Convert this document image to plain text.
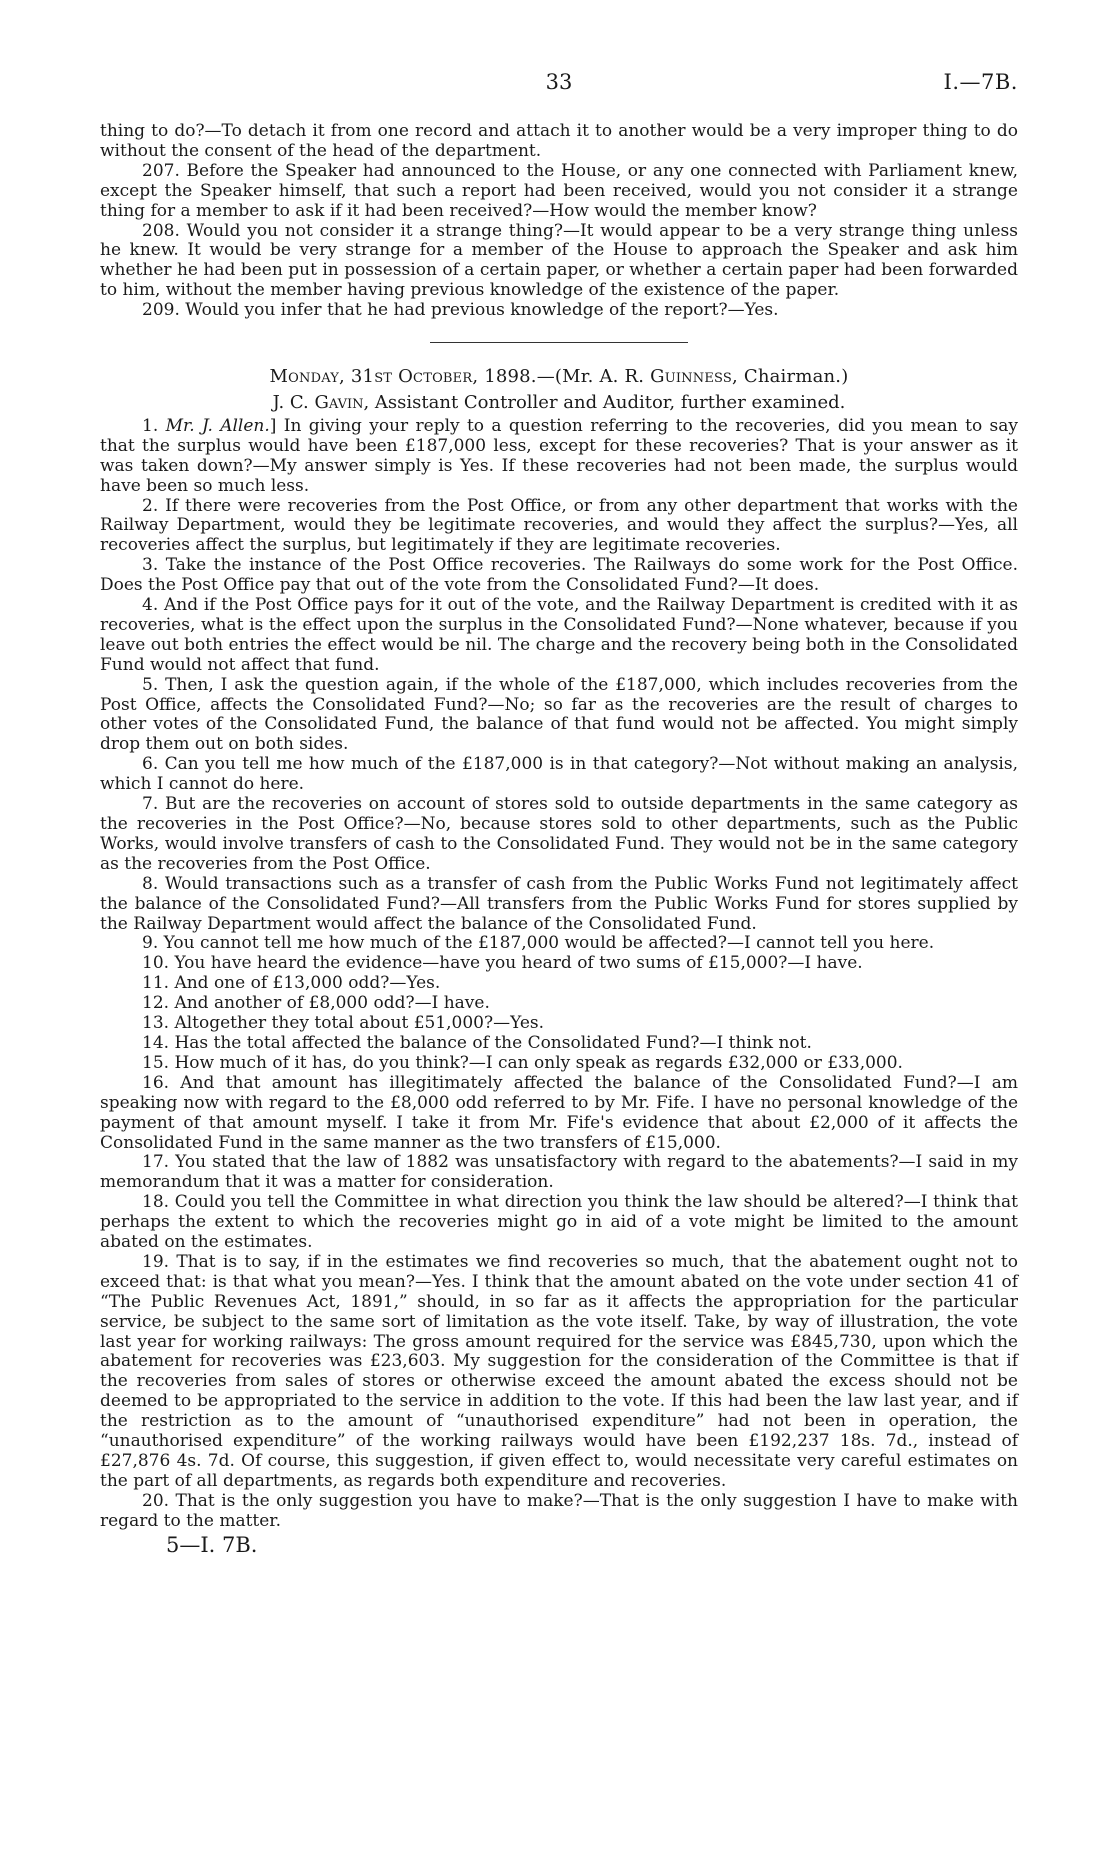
33	I.—7B.

thing to do?—To detach it from one record and attach it to another would be a very improper thing to do without the consent of the head of the department.

207. Before the Speaker had announced to the House, or any one connected with Parliament knew, except the Speaker himself, that such a report had been received, would you not consider it a strange thing for a member to ask if it had been received?—How would the member know?

208. Would you not consider it a strange thing?—It would appear to be a very strange thing unless he knew. It would be very strange for a member of the House to approach the Speaker and ask him whether he had been put in possession of a certain paper, or whether a certain paper had been forwarded to him, without the member having previous knowledge of the existence of the paper.

209. Would you infer that he had previous knowledge of the report?—Yes.

Monday, 31st October, 1898.—(Mr. A. R. Guinness, Chairman.)

J. C. Gavin, Assistant Controller and Auditor, further examined.

1. Mr. J. Allen.] In giving your reply to a question referring to the recoveries, did you mean to say that the surplus would have been £187,000 less, except for these recoveries? That is your answer as it was taken down?—My answer simply is Yes. If these recoveries had not been made, the surplus would have been so much less.

2. If there were recoveries from the Post Office, or from any other department that works with the Railway Department, would they be legitimate recoveries, and would they affect the surplus?—Yes, all recoveries affect the surplus, but legitimately if they are legitimate recoveries.

3. Take the instance of the Post Office recoveries. The Railways do some work for the Post Office. Does the Post Office pay that out of the vote from the Consolidated Fund?—It does.

4. And if the Post Office pays for it out of the vote, and the Railway Department is credited with it as recoveries, what is the effect upon the surplus in the Consolidated Fund?—None whatever, because if you leave out both entries the effect would be nil. The charge and the recovery being both in the Consolidated Fund would not affect that fund.

5. Then, I ask the question again, if the whole of the £187,000, which includes recoveries from the Post Office, affects the Consolidated Fund?—No; so far as the recoveries are the result of charges to other votes of the Consolidated Fund, the balance of that fund would not be affected. You might simply drop them out on both sides.

6. Can you tell me how much of the £187,000 is in that category?—Not without making an analysis, which I cannot do here.

7. But are the recoveries on account of stores sold to outside departments in the same category as the recoveries in the Post Office?—No, because stores sold to other departments, such as the Public Works, would involve transfers of cash to the Consolidated Fund. They would not be in the same category as the recoveries from the Post Office.

8. Would transactions such as a transfer of cash from the Public Works Fund not legitimately affect the balance of the Consolidated Fund?—All transfers from the Public Works Fund for stores supplied by the Railway Department would affect the balance of the Consolidated Fund.

9. You cannot tell me how much of the £187,000 would be affected?—I cannot tell you here.

10. You have heard the evidence—have you heard of two sums of £15,000?—I have.

11. And one of £13,000 odd?—Yes.

12. And another of £8,000 odd?—I have.

13. Altogether they total about £51,000?—Yes.

14. Has the total affected the balance of the Consolidated Fund?—I think not.

15. How much of it has, do you think?—I can only speak as regards £32,000 or £33,000.

16. And that amount has illegitimately affected the balance of the Consolidated Fund?—I am speaking now with regard to the £8,000 odd referred to by Mr. Fife. I have no personal knowledge of the payment of that amount myself. I take it from Mr. Fife's evidence that about £2,000 of it affects the Consolidated Fund in the same manner as the two transfers of £15,000.

17. You stated that the law of 1882 was unsatisfactory with regard to the abatements?—I said in my memorandum that it was a matter for consideration.

18. Could you tell the Committee in what direction you think the law should be altered?—I think that perhaps the extent to which the recoveries might go in aid of a vote might be limited to the amount abated on the estimates.

19. That is to say, if in the estimates we find recoveries so much, that the abatement ought not to exceed that: is that what you mean?—Yes. I think that the amount abated on the vote under section 41 of “The Public Revenues Act, 1891,” should, in so far as it affects the appropriation for the particular service, be subject to the same sort of limitation as the vote itself. Take, by way of illustration, the vote last year for working railways: The gross amount required for the service was £845,730, upon which the abatement for recoveries was £23,603. My suggestion for the consideration of the Committee is that if the recoveries from sales of stores or otherwise exceed the amount abated the excess should not be deemed to be appropriated to the service in addition to the vote. If this had been the law last year, and if the restriction as to the amount of “unauthorised expenditure” had not been in operation, the “unauthorised expenditure” of the working railways would have been £192,237 18s. 7d., instead of £27,876 4s. 7d. Of course, this suggestion, if given effect to, would necessitate very careful estimates on the part of all departments, as regards both expenditure and recoveries.

20. That is the only suggestion you have to make?—That is the only suggestion I have to make with regard to the matter.

5—I. 7B.
